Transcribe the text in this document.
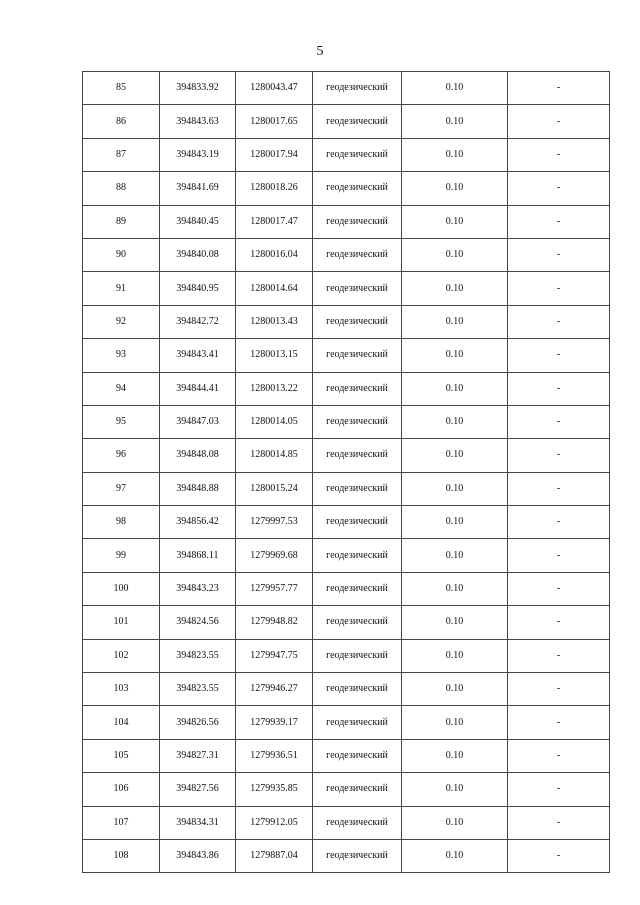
5
85	394833.92	1280043.47	геодезический	0.10	-
86	394843.63	1280017.65	геодезический	0.10	-
87	394843.19	1280017.94	геодезический	0.10	-
88	394841.69	1280018.26	геодезический	0.10	-
89	394840.45	1280017.47	геодезический	0.10	-
90	394840.08	1280016.04	геодезический	0.10	-
91	394840.95	1280014.64	геодезический	0.10	-
92	394842.72	1280013.43	геодезический	0.10	-
93	394843.41	1280013.15	геодезический	0.10	-
94	394844.41	1280013.22	геодезический	0.10	-
95	394847.03	1280014.05	геодезический	0.10	-
96	394848.08	1280014.85	геодезический	0.10	-
97	394848.88	1280015.24	геодезический	0.10	-
98	394856.42	1279997.53	геодезический	0.10	-
99	394868.11	1279969.68	геодезический	0.10	-
100	394843.23	1279957.77	геодезический	0.10	-
101	394824.56	1279948.82	геодезический	0.10	-
102	394823.55	1279947.75	геодезический	0.10	-
103	394823.55	1279946.27	геодезический	0.10	-
104	394826.56	1279939.17	геодезический	0.10	-
105	394827.31	1279936.51	геодезический	0.10	-
106	394827.56	1279935.85	геодезический	0.10	-
107	394834.31	1279912.05	геодезический	0.10	-
108	394843.86	1279887.04	геодезический	0.10	-
